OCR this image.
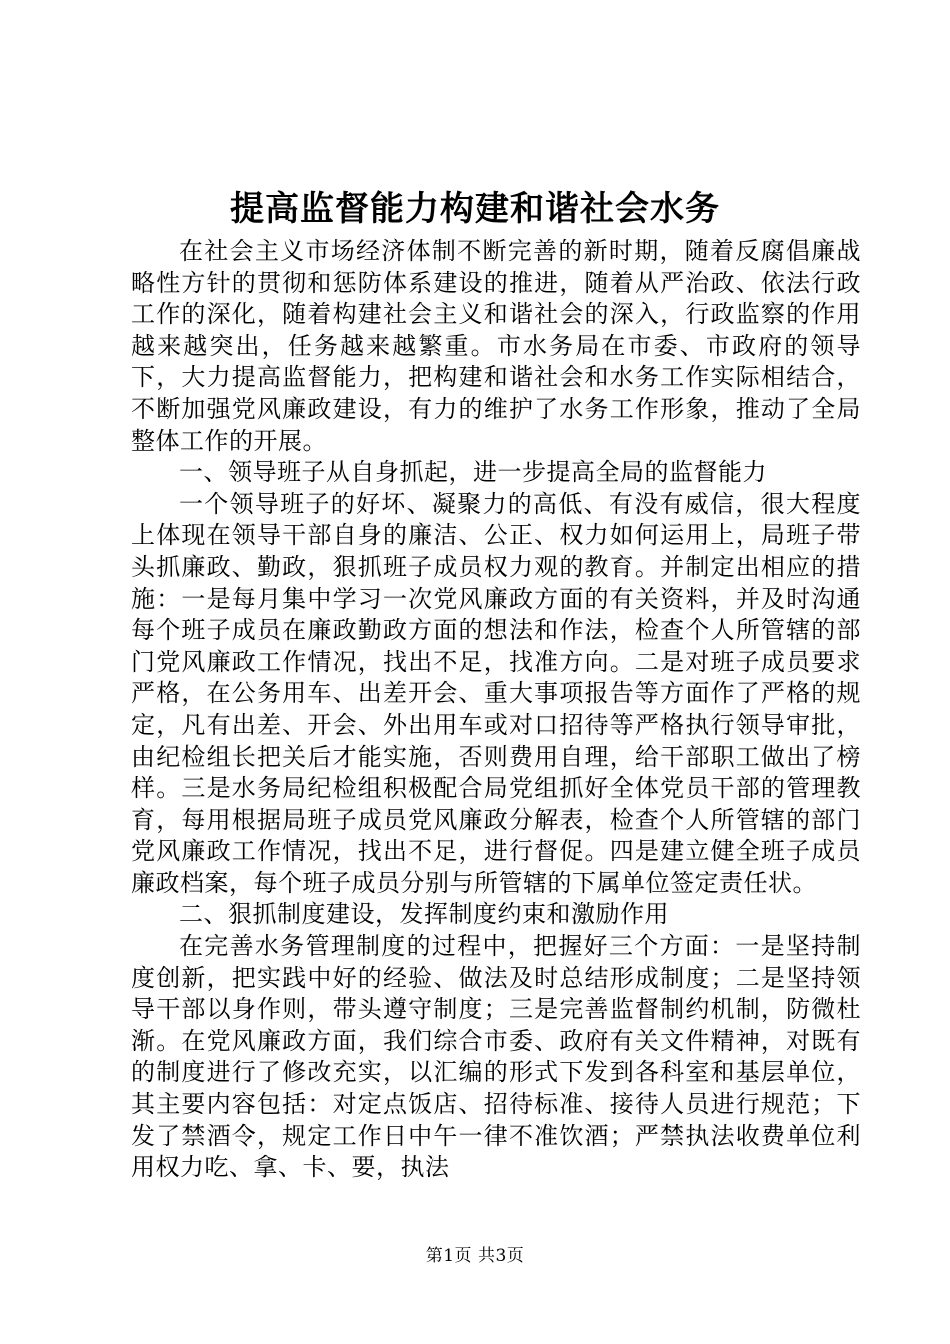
提高监督能力构建和谐社会水务

在社会主义市场经济体制不断完善的新时期，随着反腐倡廉战略性方针的贯彻和惩防体系建设的推进，随着从严治政、依法行政工作的深化，随着构建社会主义和谐社会的深入，行政监察的作用越来越突出，任务越来越繁重。市水务局在市委、市政府的领导下，大力提高监督能力，把构建和谐社会和水务工作实际相结合，不断加强党风廉政建设，有力的维护了水务工作形象，推动了全局整体工作的开展。

一、领导班子从自身抓起，进一步提高全局的监督能力

一个领导班子的好坏、凝聚力的高低、有没有威信，很大程度上体现在领导干部自身的廉洁、公正、权力如何运用上，局班子带头抓廉政、勤政，狠抓班子成员权力观的教育。并制定出相应的措施：一是每月集中学习一次党风廉政方面的有关资料，并及时沟通每个班子成员在廉政勤政方面的想法和作法，检查个人所管辖的部门党风廉政工作情况，找出不足，找准方向。二是对班子成员要求严格，在公务用车、出差开会、重大事项报告等方面作了严格的规定，凡有出差、开会、外出用车或对口招待等严格执行领导审批，由纪检组长把关后才能实施，否则费用自理，给干部职工做出了榜样。三是水务局纪检组积极配合局党组抓好全体党员干部的管理教育，每用根据局班子成员党风廉政分解表，检查个人所管辖的部门党风廉政工作情况，找出不足，进行督促。四是建立健全班子成员廉政档案，每个班子成员分别与所管辖的下属单位签定责任状。

二、狠抓制度建设，发挥制度约束和激励作用

在完善水务管理制度的过程中，把握好三个方面：一是坚持制度创新，把实践中好的经验、做法及时总结形成制度；二是坚持领导干部以身作则，带头遵守制度；三是完善监督制约机制，防微杜渐。在党风廉政方面，我们综合市委、政府有关文件精神，对既有的制度进行了修改充实，以汇编的形式下发到各科室和基层单位，其主要内容包括：对定点饭店、招待标准、接待人员进行规范；下发了禁酒令，规定工作日中午一律不准饮酒；严禁执法收费单位利用权力吃、拿、卡、要，执法

第1页 共3页
